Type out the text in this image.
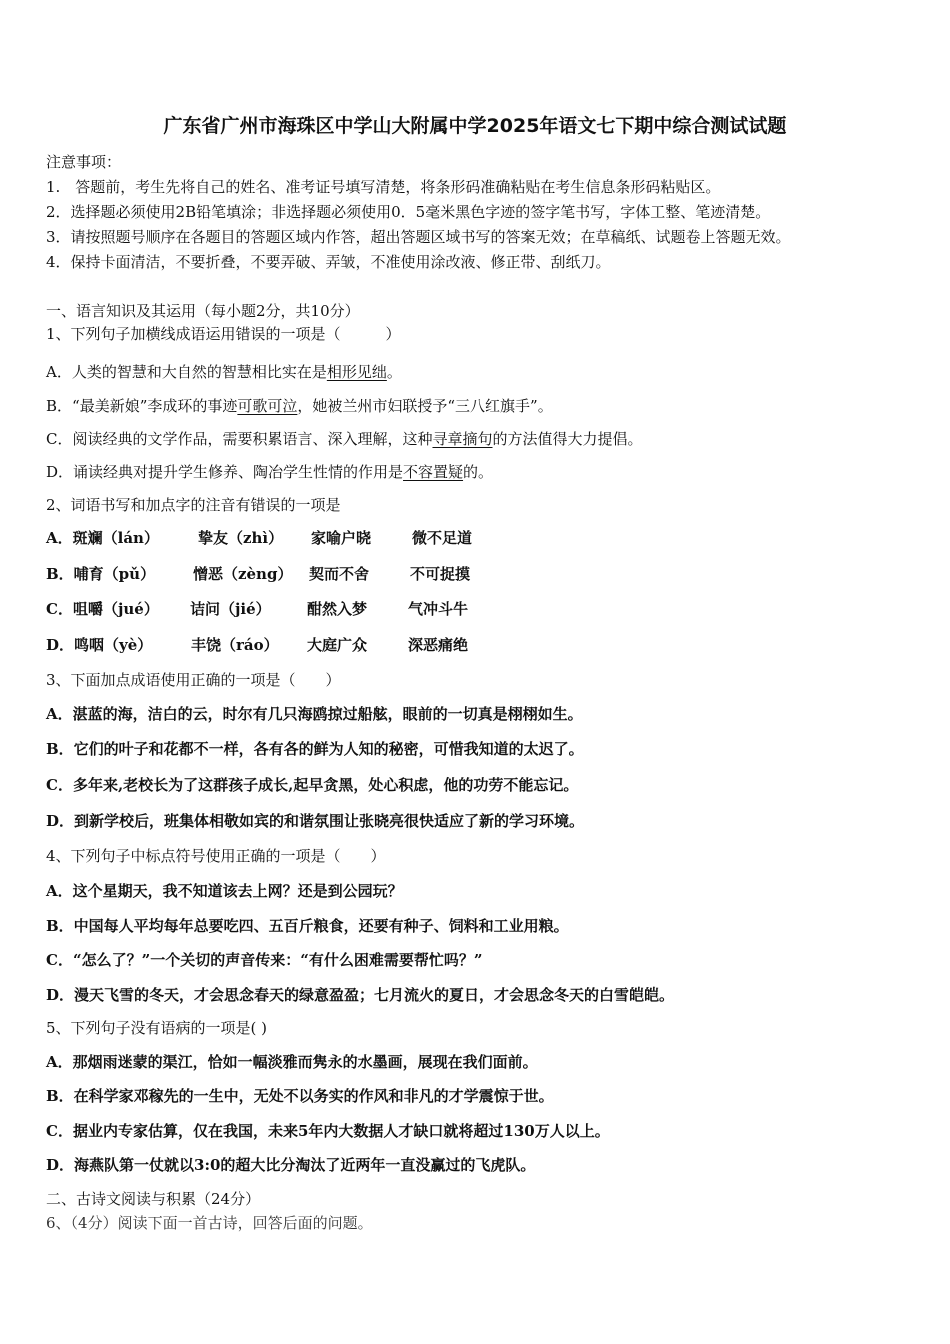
广东省广州市海珠区中学山大附属中学2025年语文七下期中综合测试试题
注意事项：
1.　答题前，考生先将自己的姓名、准考证号填写清楚，将条形码准确粘贴在考生信息条形码粘贴区。
2．选择题必须使用2B铅笔填涂；非选择题必须使用0．5毫米黑色字迹的签字笔书写，字体工整、笔迹清楚。
3．请按照题号顺序在各题目的答题区域内作答，超出答题区域书写的答案无效；在草稿纸、试题卷上答题无效。
4．保持卡面清洁，不要折叠，不要弄破、弄皱，不准使用涂改液、修正带、刮纸刀。
一、语言知识及其运用（每小题2分，共10分）
1、下列句子加横线成语运用错误的一项是（　　　）
A．人类的智慧和大自然的智慧相比实在是相形见绌。
B．“最美新娘”李成环的事迹可歌可泣，她被兰州市妇联授予“三八红旗手”。
C．阅读经典的文学作品，需要积累语言、深入理解，这种寻章摘句的方法值得大力提倡。
D．诵读经典对提升学生修养、陶冶学生性情的作用是不容置疑的。
2、词语书写和加点字的注音有错误的一项是
A．斑斓（lán）	挚友（zhì） 家喻户晓	微不足道
B．哺育（pǔ）	憎恶（zèng） 契而不舍	不可捉摸
C．咀嚼（jué） 诘问（jié） 酣然入梦	气冲斗牛
D．鸣咽（yè）	丰饶（ráo） 大庭广众	深恶痛绝
3、下面加点成语使用正确的一项是（　　）
A．湛蓝的海，洁白的云，时尔有几只海鸥掠过船舷，眼前的一切真是栩栩如生。
B．它们的叶子和花都不一样，各有各的鲜为人知的秘密，可惜我知道的太迟了。
C．多年来,老校长为了这群孩子成长,起早贪黑，处心积虑，他的功劳不能忘记。
D．到新学校后，班集体相敬如宾的和谐氛围让张晓亮很快适应了新的学习环境。
4、下列句子中标点符号使用正确的一项是（　　）
A．这个星期天，我不知道该去上网？还是到公园玩？
B．中国每人平均每年总要吃四、五百斤粮食，还要有种子、饲料和工业用粮。
C．“怎么了？”一个关切的声音传来：“有什么困难需要帮忙吗？”
D．漫天飞雪的冬天，才会思念春天的绿意盈盈；七月流火的夏日，才会思念冬天的白雪皑皑。
5、下列句子没有语病的一项是( )
A．那烟雨迷蒙的渠江，恰如一幅淡雅而隽永的水墨画，展现在我们面前。
B．在科学家邓稼先的一生中，无处不以务实的作风和非凡的才学震惊于世。
C．据业内专家估算，仅在我国，未来5年内大数据人才缺口就将超过130万人以上。
D．海燕队第一仗就以3:0的超大比分淘汰了近两年一直没赢过的飞虎队。
二、古诗文阅读与积累（24分）
6、（4分）阅读下面一首古诗，回答后面的问题。
